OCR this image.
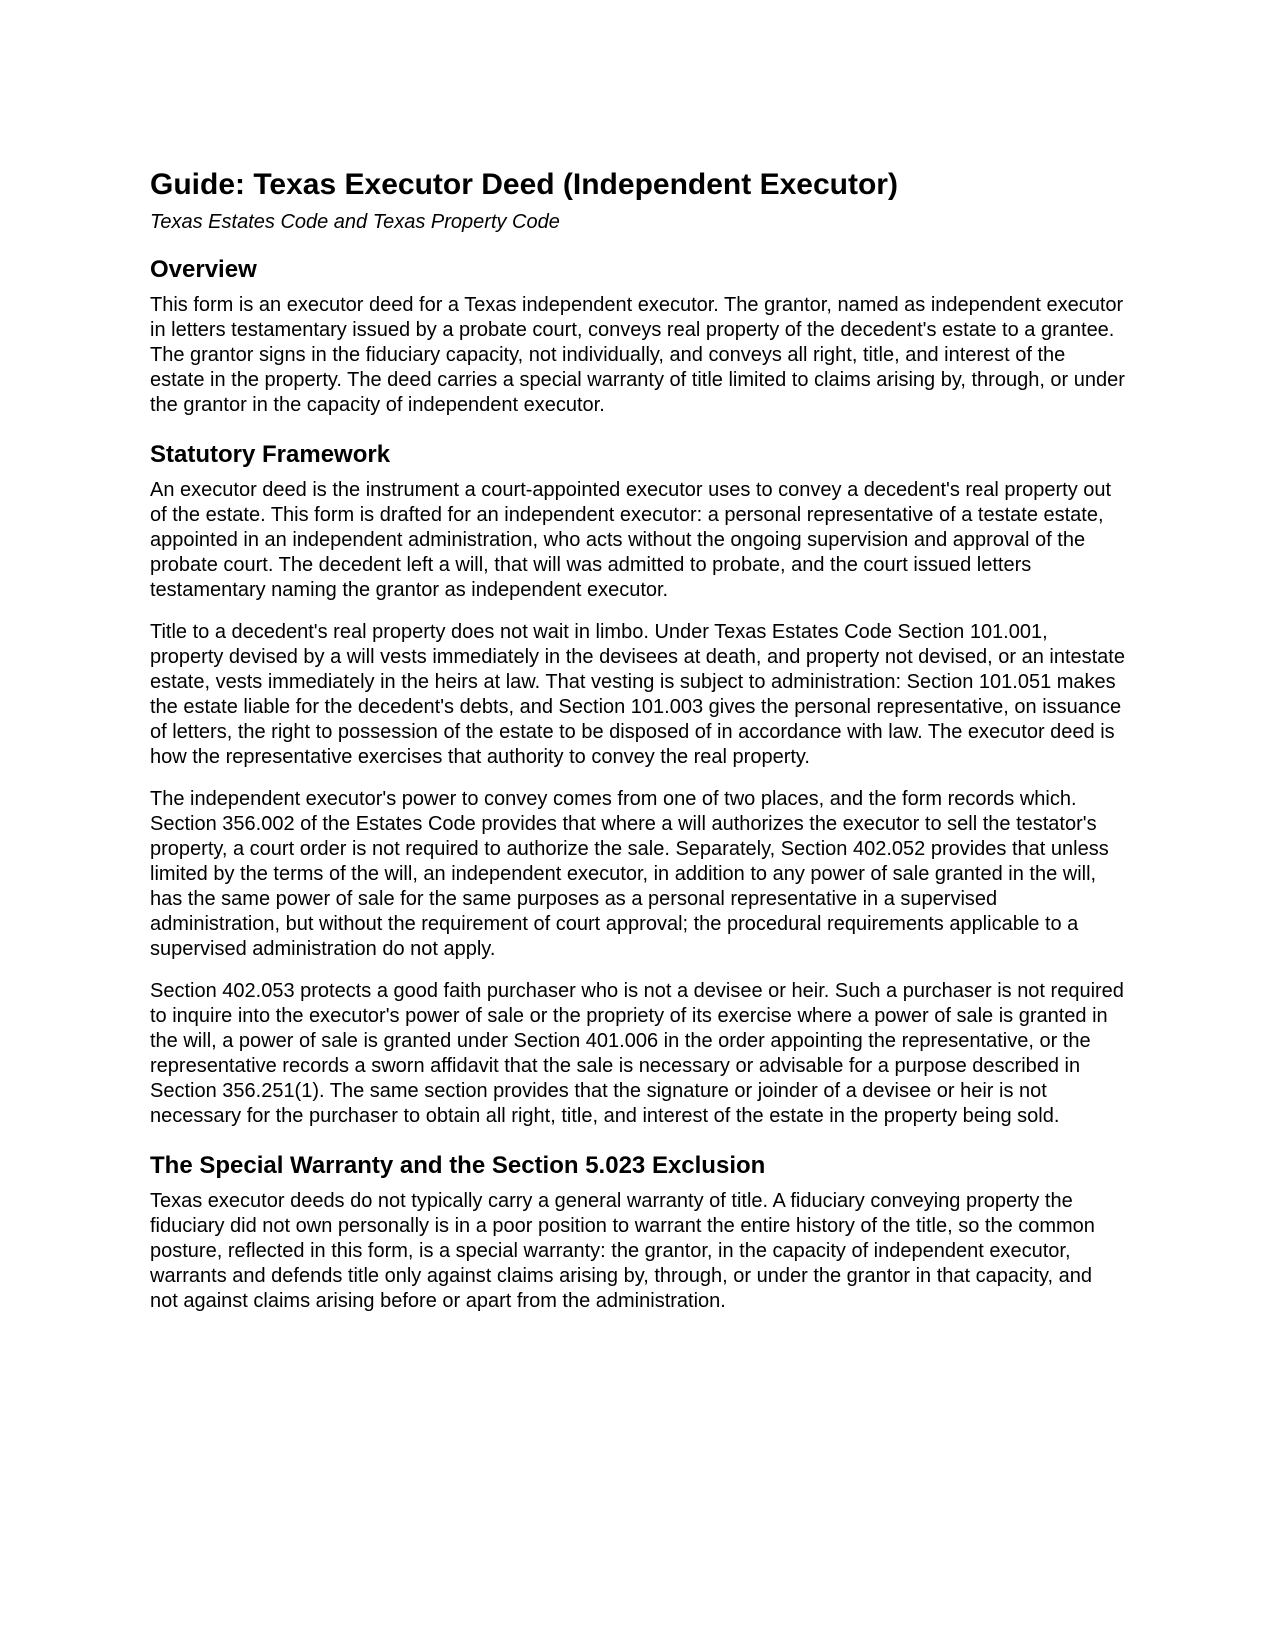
Guide: Texas Executor Deed (Independent Executor)
Texas Estates Code and Texas Property Code
Overview

This form is an executor deed for a Texas independent executor. The grantor, named as independent executor in letters testamentary issued by a probate court, conveys real property of the decedent's estate to a grantee. The grantor signs in the fiduciary capacity, not individually, and conveys all right, title, and interest of the estate in the property. The deed carries a special warranty of title limited to claims arising by, through, or under the grantor in the capacity of independent executor.

Statutory Framework

An executor deed is the instrument a court-appointed executor uses to convey a decedent's real property out of the estate. This form is drafted for an independent executor: a personal representative of a testate estate, appointed in an independent administration, who acts without the ongoing supervision and approval of the probate court. The decedent left a will, that will was admitted to probate, and the court issued letters testamentary naming the grantor as independent executor.

Title to a decedent's real property does not wait in limbo. Under Texas Estates Code Section 101.001, property devised by a will vests immediately in the devisees at death, and property not devised, or an intestate estate, vests immediately in the heirs at law. That vesting is subject to administration: Section 101.051 makes the estate liable for the decedent's debts, and Section 101.003 gives the personal representative, on issuance of letters, the right to possession of the estate to be disposed of in accordance with law. The executor deed is how the representative exercises that authority to convey the real property.

The independent executor's power to convey comes from one of two places, and the form records which. Section 356.002 of the Estates Code provides that where a will authorizes the executor to sell the testator's property, a court order is not required to authorize the sale. Separately, Section 402.052 provides that unless limited by the terms of the will, an independent executor, in addition to any power of sale granted in the will, has the same power of sale for the same purposes as a personal representative in a supervised administration, but without the requirement of court approval; the procedural requirements applicable to a supervised administration do not apply.

Section 402.053 protects a good faith purchaser who is not a devisee or heir. Such a purchaser is not required to inquire into the executor's power of sale or the propriety of its exercise where a power of sale is granted in the will, a power of sale is granted under Section 401.006 in the order appointing the representative, or the representative records a sworn affidavit that the sale is necessary or advisable for a purpose described in Section 356.251(1). The same section provides that the signature or joinder of a devisee or heir is not necessary for the purchaser to obtain all right, title, and interest of the estate in the property being sold.

The Special Warranty and the Section 5.023 Exclusion

Texas executor deeds do not typically carry a general warranty of title. A fiduciary conveying property the fiduciary did not own personally is in a poor position to warrant the entire history of the title, so the common posture, reflected in this form, is a special warranty: the grantor, in the capacity of independent executor, warrants and defends title only against claims arising by, through, or under the grantor in that capacity, and not against claims arising before or apart from the administration.
